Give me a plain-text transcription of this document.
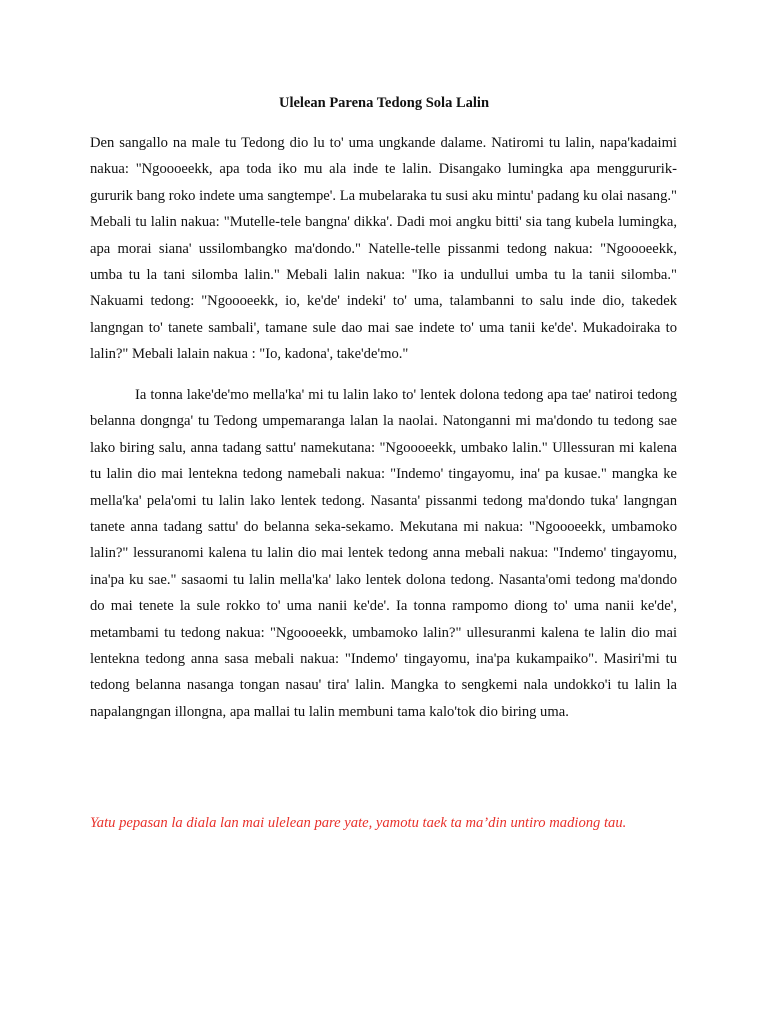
Ulelean Parena Tedong Sola Lalin

Den sangallo na male tu Tedong dio lu to' uma ungkande dalame. Natiromi tu lalin, napa'kadaimi nakua: "Ngoooeekk, apa toda iko mu ala inde te lalin. Disangako lumingka apa menggururik-gururik bang roko indete uma sangtempe'. La mubelaraka tu susi aku mintu' padang ku olai nasang." Mebali tu lalin nakua: "Mutelle-tele bangna' dikka'. Dadi moi angku bitti' sia tang kubela lumingka, apa morai siana' ussilombangko ma'dondo." Natelle-telle pissanmi tedong nakua: "Ngoooeekk, umba tu la tani silomba lalin." Mebali lalin nakua: "Iko ia undullui umba tu la tanii silomba." Nakuami tedong: "Ngoooeekk, io, ke'de' indeki' to' uma, talambanni to salu inde dio, takedek langngan to' tanete sambali', tamane sule dao mai sae indete to' uma tanii ke'de'. Mukadoiraka to lalin?" Mebali lalain nakua : "Io, kadona', take'de'mo."

Ia tonna lake'de'mo mella'ka' mi tu lalin lako to' lentek dolona tedong apa tae' natiroi tedong belanna dongnga' tu Tedong umpemaranga lalan la naolai. Natonganni mi ma'dondo tu tedong sae lako biring salu, anna tadang sattu' namekutana: "Ngoooeekk, umbako lalin." Ullessuran mi kalena tu lalin dio mai lentekna tedong namebali nakua: "Indemo' tingayomu, ina' pa kusae." mangka ke mella'ka' pela'omi tu lalin lako lentek tedong. Nasanta' pissanmi tedong ma'dondo tuka' langngan tanete anna tadang sattu' do belanna seka-sekamo. Mekutana mi nakua: "Ngoooeekk, umbamoko lalin?" lessuranomi kalena tu lalin dio mai lentek tedong anna mebali nakua: "Indemo' tingayomu, ina'pa ku sae." sasaomi tu lalin mella'ka' lako lentek dolona tedong. Nasanta'omi tedong ma'dondo do mai tenete la sule rokko to' uma nanii ke'de'. Ia tonna rampomo diong to' uma nanii ke'de', metambami tu tedong nakua: "Ngoooeekk, umbamoko lalin?" ullesuranmi kalena te lalin dio mai lentekna tedong anna sasa mebali nakua: "Indemo' tingayomu, ina'pa kukampaiko". Masiri'mi tu tedong belanna nasanga tongan nasau' tira' lalin. Mangka to sengkemi nala undokko'i tu lalin la napalangngan illongna, apa mallai tu lalin membuni tama kalo'tok dio biring uma.

Yatu pepasan la diala lan mai ulelean pare yate, yamotu taek ta ma’din untiro madiong tau.
